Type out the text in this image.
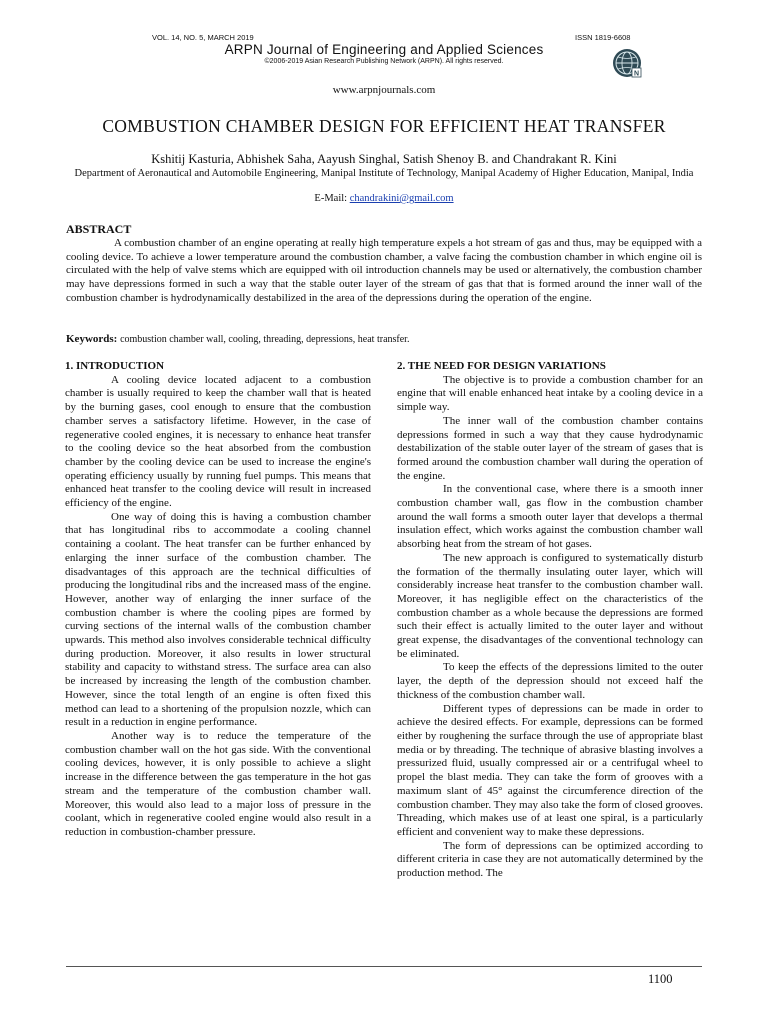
VOL. 14, NO. 5, MARCH 2019	ISSN 1819-6608
ARPN Journal of Engineering and Applied Sciences
©2006-2019 Asian Research Publishing Network (ARPN). All rights reserved.
N
www.arpnjournals.com
COMBUSTION CHAMBER DESIGN FOR EFFICIENT HEAT TRANSFER
Kshitij Kasturia, Abhishek Saha, Aayush Singhal, Satish Shenoy B. and Chandrakant R. Kini
Department of Aeronautical and Automobile Engineering, Manipal Institute of Technology, Manipal Academy of Higher Education, Manipal, India
E-Mail: chandrakini@gmail.com
ABSTRACT

A combustion chamber of an engine operating at really high temperature expels a hot stream of gas and thus, may be equipped with a cooling device. To achieve a lower temperature around the combustion chamber, a valve facing the combustion chamber in which engine oil is circulated with the help of valve stems which are equipped with oil introduction channels may be used or alternatively, the combustion chamber may have depressions formed in such a way that the stable outer layer of the stream of gas that that is formed around the inner wall of the combustion chamber is hydrodynamically destabilized in the area of the depressions during the operation of the engine.

Keywords: combustion chamber wall, cooling, threading, depressions, heat transfer.
1. INTRODUCTION

A cooling device located adjacent to a combustion chamber is usually required to keep the chamber wall that is heated by the burning gases, cool enough to ensure that the combustion chamber serves a satisfactory lifetime. However, in the case of regenerative cooled engines, it is necessary to enhance heat transfer to the cooling device so the heat absorbed from the combustion chamber by the cooling device can be used to increase the engine's operating efficiency usually by running fuel pumps. This means that enhanced heat transfer to the cooling device will result in increased efficiency of the engine.

One way of doing this is having a combustion chamber that has longitudinal ribs to accommodate a cooling channel containing a coolant. The heat transfer can be further enhanced by enlarging the inner surface of the combustion chamber. The disadvantages of this approach are the technical difficulties of producing the longitudinal ribs and the increased mass of the engine. However, another way of enlarging the inner surface of the combustion chamber is where the cooling pipes are formed by curving sections of the internal walls of the combustion chamber upwards. This method also involves considerable technical difficulty during production. Moreover, it also results in lower structural stability and capacity to withstand stress. The surface area can also be increased by increasing the length of the combustion chamber. However, since the total length of an engine is often fixed this method can lead to a shortening of the propulsion nozzle, which can result in a reduction in engine performance.

Another way is to reduce the temperature of the combustion chamber wall on the hot gas side. With the conventional cooling devices, however, it is only possible to achieve a slight increase in the difference between the gas temperature in the hot gas stream and the temperature of the combustion chamber wall. Moreover, this would also lead to a major loss of pressure in the coolant, which in regenerative cooled engine would also result in a reduction in combustion-chamber pressure.

2. THE NEED FOR DESIGN VARIATIONS

The objective is to provide a combustion chamber for an engine that will enable enhanced heat intake by a cooling device in a simple way.

The inner wall of the combustion chamber contains depressions formed in such a way that they cause hydrodynamic destabilization of the stable outer layer of the stream of gases that is formed around the combustion chamber wall during the operation of the engine.

In the conventional case, where there is a smooth inner combustion chamber wall, gas flow in the combustion chamber around the wall forms a smooth outer layer that develops a thermal insulation effect, which works against the combustion chamber wall absorbing heat from the stream of hot gases.

The new approach is configured to systematically disturb the formation of the thermally insulating outer layer, which will considerably increase heat transfer to the combustion chamber wall. Moreover, it has negligible effect on the characteristics of the combustion chamber as a whole because the depressions are formed such their effect is actually limited to the outer layer and without great expense, the disadvantages of the conventional technology can be eliminated.

To keep the effects of the depressions limited to the outer layer, the depth of the depression should not exceed half the thickness of the combustion chamber wall.

Different types of depressions can be made in order to achieve the desired effects. For example, depressions can be formed either by roughening the surface through the use of appropriate blast media or by threading. The technique of abrasive blasting involves a pressurized fluid, usually compressed air or a centrifugal wheel to propel the blast media. They can take the form of grooves with a maximum slant of 45° against the circumference direction of the combustion chamber. They may also take the form of closed grooves. Threading, which makes use of at least one spiral, is a particularly efficient and convenient way to make these depressions.

The form of depressions can be optimized according to different criteria in case they are not automatically determined by the production method. The

1100
